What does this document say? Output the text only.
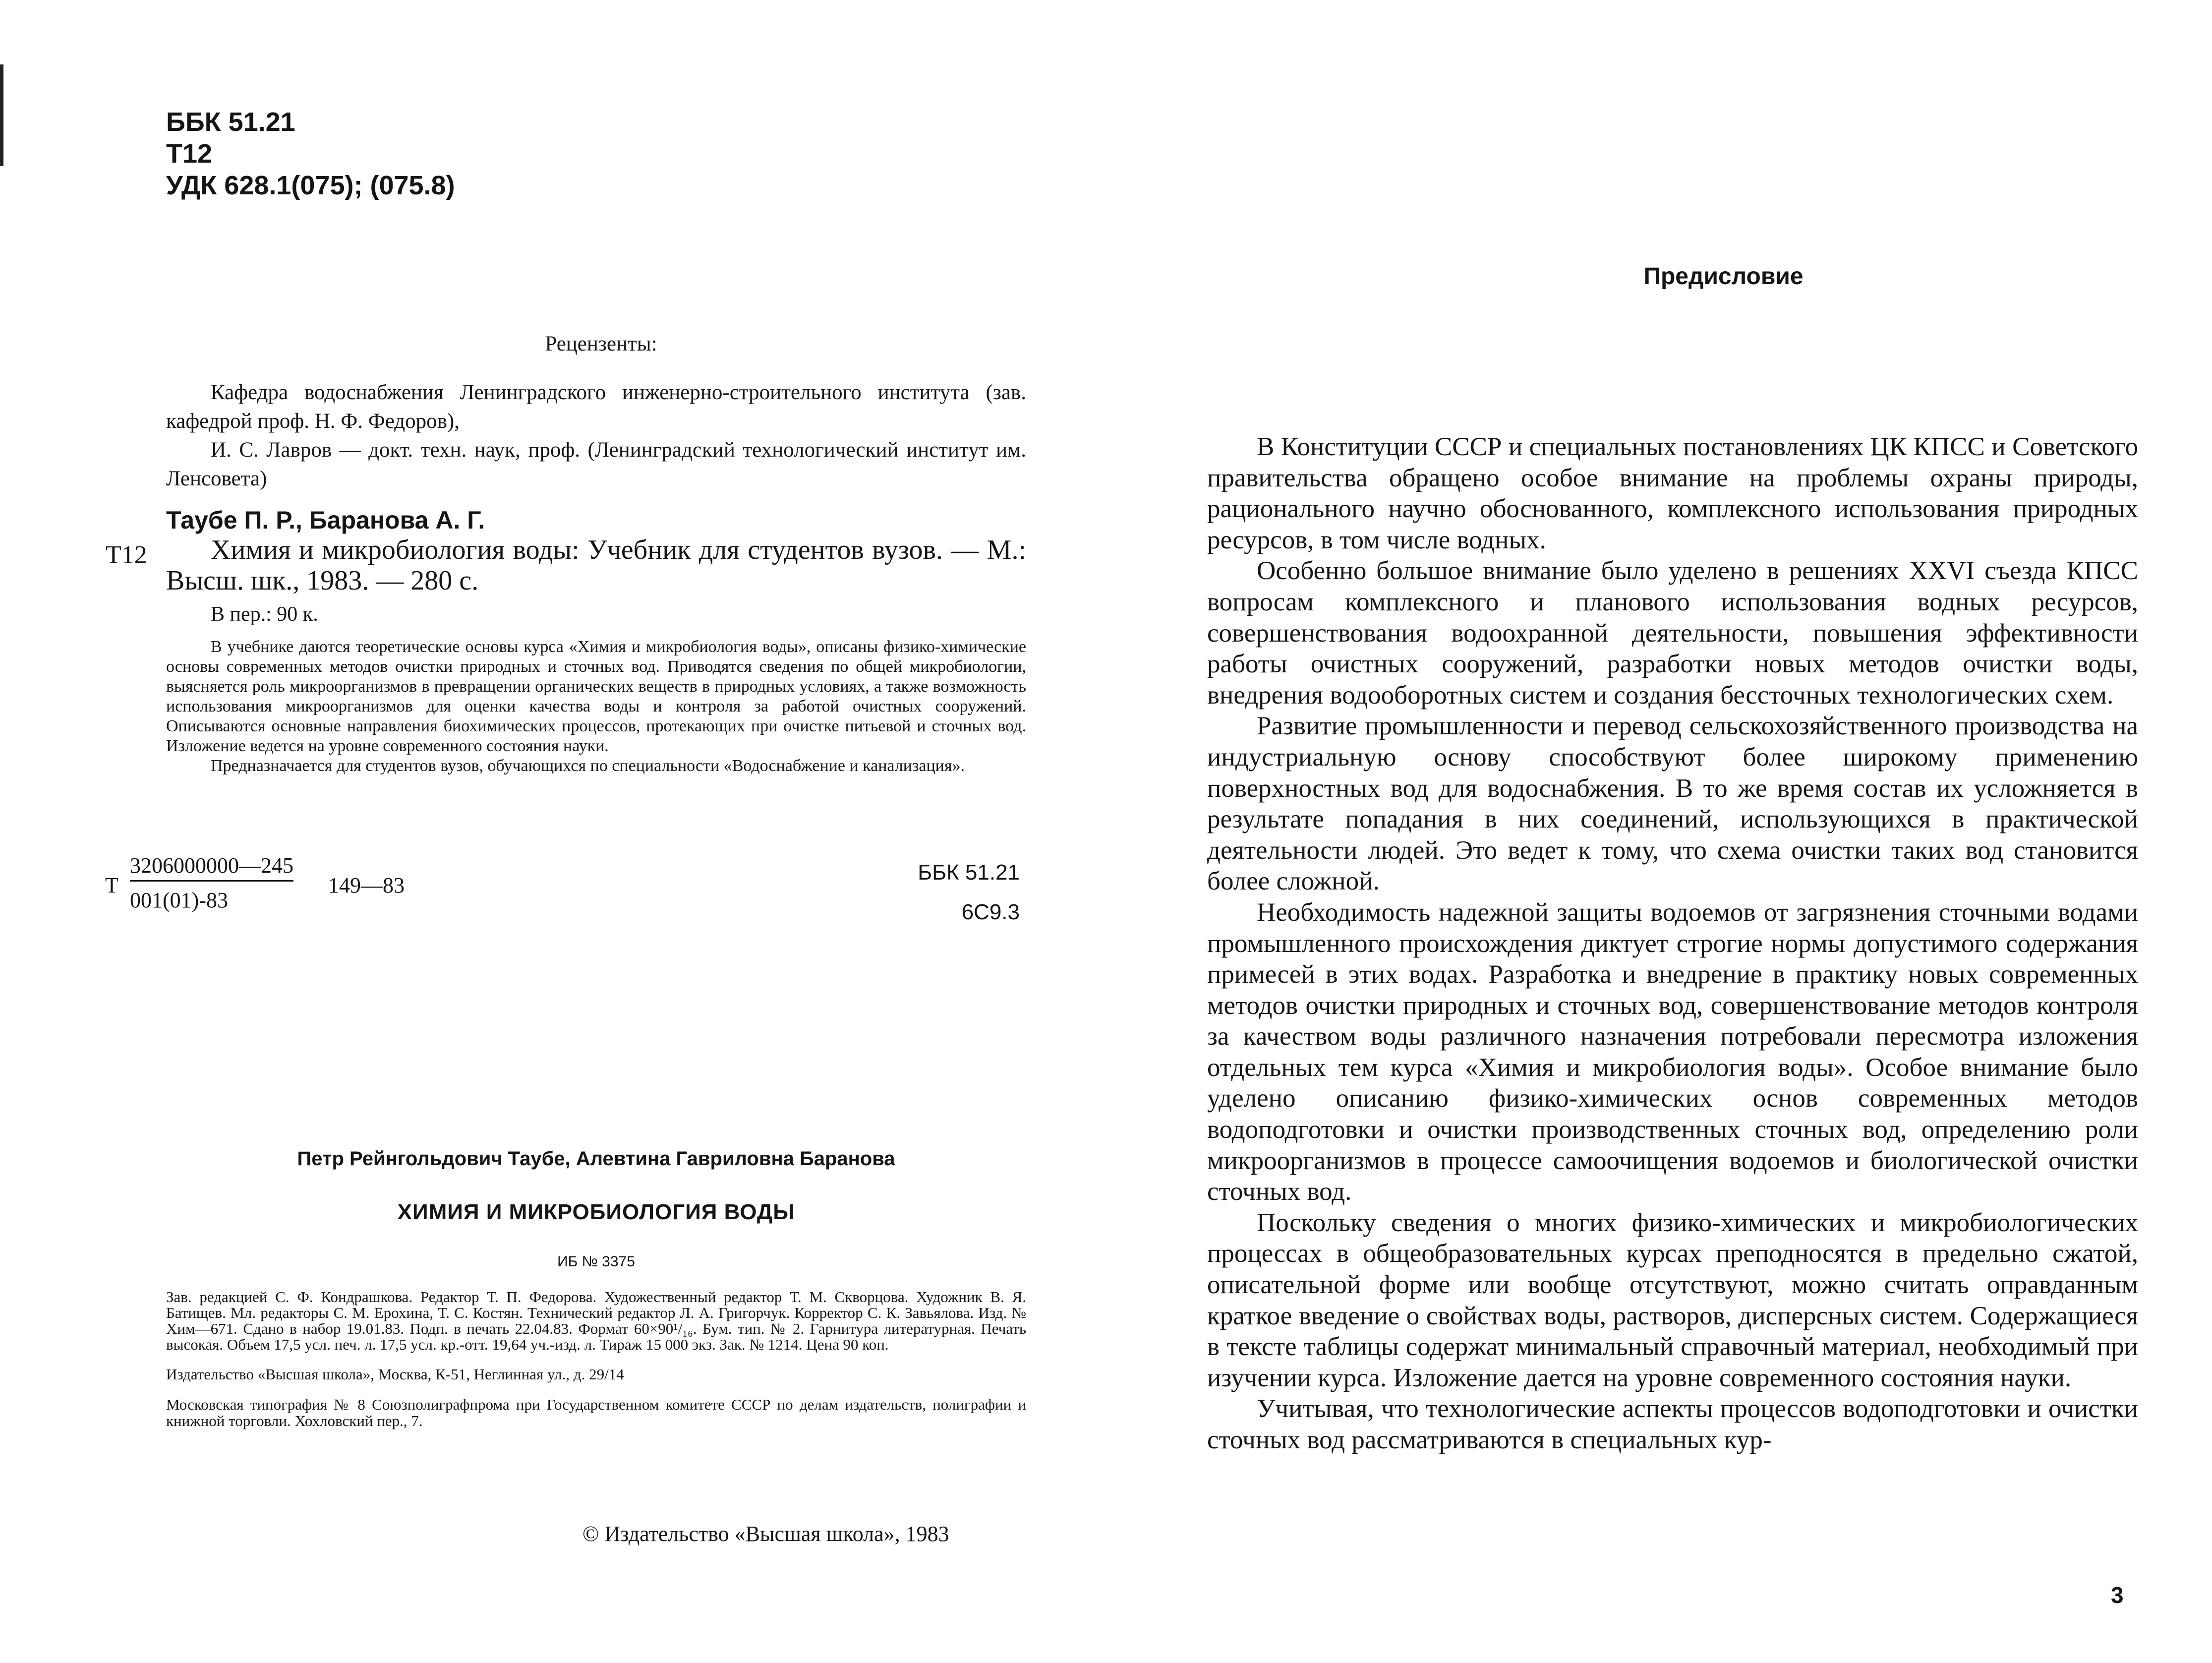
ББК 51.21
Т12
УДК 628.1(075); (075.8)
Рецензенты:

Кафедра водоснабжения Ленинградского инженерно-строительного института (зав. кафедрой проф. Н. Ф. Федоров),

И. С. Лавров — докт. техн. наук, проф. (Ленинградский технологический институт им. Ленсовета)

Таубе П. Р., Баранова А. Г.
Т12	Химия и микробиология воды: Учебник для студентов вузов. — М.: Высш. шк., 1983. — 280 с.
В пер.: 90 к.

В учебнике даются теоретические основы курса «Химия и микробиология воды», описаны физико-химические основы современных методов очистки природных и сточных вод. Приводятся сведения по общей микробиологии, выясняется роль микроорганизмов в превращении органических веществ в природных условиях, а также возможность использования микроорганизмов для оценки качества воды и контроля за работой очистных сооружений. Описываются основные направления биохимических процессов, протекающих при очистке питьевой и сточных вод. Изложение ведется на уровне современного состояния науки.

Предназначается для студентов вузов, обучающихся по специальности «Водоснабжение и канализация».

Т $\frac{3206000000—245}{001(01)-83}$ 149—83
ББК 51.21
6С9.3
Петр Рейнгольдович Таубе, Алевтина Гавриловна Баранова
ХИМИЯ И МИКРОБИОЛОГИЯ ВОДЫ
ИБ № 3375
Зав. редакцией С. Ф. Кондрашкова. Редактор Т. П. Федорова. Художественный редактор Т. М. Скворцова. Художник В. Я. Батищев. Мл. редакторы С. М. Ерохина, Т. С. Костян. Технический редактор Л. А. Григорчук. Корректор С. К. Завьялова. Изд. № Хим—671. Сдано в набор 19.01.83. Подп. в печать 22.04.83. Формат 60×90¹/₁₆. Бум. тип. № 2. Гарнитура литературная. Печать высокая. Объем 17,5 усл. печ. л. 17,5 усл. кр.-отт. 19,64 уч.-изд. л. Тираж 15 000 экз. Зак. № 1214. Цена 90 коп.
Издательство «Высшая школа», Москва, К-51, Неглинная ул., д. 29/14
Московская типография № 8 Союзполиграфпрома при Государственном комитете СССР по делам издательств, полиграфии и книжной торговли. Хохловский пер., 7.
© Издательство «Высшая школа», 1983
Предисловие

В Конституции СССР и специальных постановлениях ЦК КПСС и Советского правительства обращено особое внимание на проблемы охраны природы, рационального научно обоснованного, комплексного использования природных ресурсов, в том числе водных.

Особенно большое внимание было уделено в решениях XXVI съезда КПСС вопросам комплексного и планового использования водных ресурсов, совершенствования водоохранной деятельности, повышения эффективности работы очистных сооружений, разработки новых методов очистки воды, внедрения водооборотных систем и создания бессточных технологических схем.

Развитие промышленности и перевод сельскохозяйственного производства на индустриальную основу способствуют более широкому применению поверхностных вод для водоснабжения. В то же время состав их усложняется в результате попадания в них соединений, использующихся в практической деятельности людей. Это ведет к тому, что схема очистки таких вод становится более сложной.

Необходимость надежной защиты водоемов от загрязнения сточными водами промышленного происхождения диктует строгие нормы допустимого содержания примесей в этих водах. Разработка и внедрение в практику новых современных методов очистки природных и сточных вод, совершенствование методов контроля за качеством воды различного назначения потребовали пересмотра изложения отдельных тем курса «Химия и микробиология воды». Особое внимание было уделено описанию физико-химических основ современных методов водоподготовки и очистки производственных сточных вод, определению роли микроорганизмов в процессе самоочищения водоемов и биологической очистки сточных вод.

Поскольку сведения о многих физико-химических и микробиологических процессах в общеобразовательных курсах преподносятся в предельно сжатой, описательной форме или вообще отсутствуют, можно считать оправданным краткое введение о свойствах воды, растворов, дисперсных систем. Содержащиеся в тексте таблицы содержат минимальный справочный материал, необходимый при изучении курса. Изложение дается на уровне современного состояния науки.

Учитывая, что технологические аспекты процессов водоподготовки и очистки сточных вод рассматриваются в специальных кур-

3
